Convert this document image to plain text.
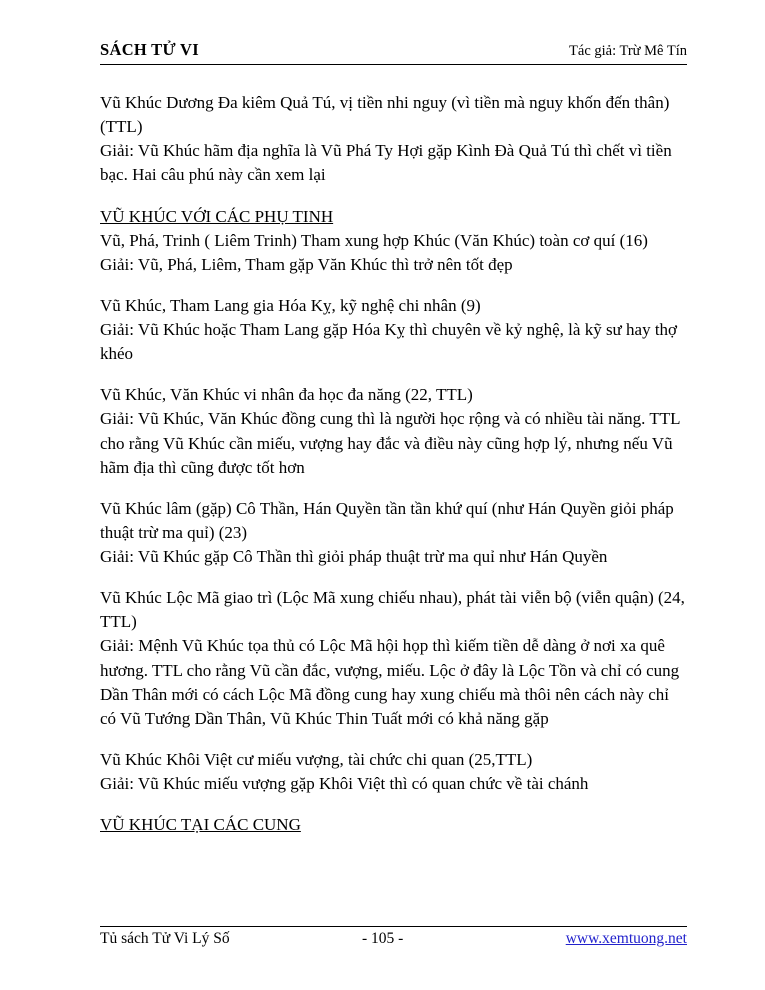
SÁCH TỬ VI	Tác giả: Trừ Mê Tín

Vũ Khúc Dương Đa kiêm Quả Tú, vị tiền nhi nguy (vì tiền mà nguy khốn đến thân) (TTL)

Giải: Vũ Khúc hãm địa nghĩa là Vũ Phá Ty Hợi gặp Kình Đà Quả Tú thì chết vì tiền bạc. Hai câu phú này cần xem lại

VŨ KHÚC VỚI CÁC PHỤ TINH

Vũ, Phá, Trinh ( Liêm Trinh) Tham xung hợp Khúc (Văn Khúc) toàn cơ quí (16)

Giải: Vũ, Phá, Liêm, Tham gặp Văn Khúc thì trở nên tốt đẹp

Vũ Khúc, Tham Lang gia Hóa Kỵ, kỹ nghệ chi nhân (9)

Giải: Vũ Khúc hoặc Tham Lang gặp Hóa Kỵ thì chuyên về kỷ nghệ, là kỹ sư hay thợ khéo

Vũ Khúc, Văn Khúc vi nhân đa học đa năng (22, TTL)

Giải: Vũ Khúc, Văn Khúc đồng cung thì là người học rộng và có nhiều tài năng. TTL cho rằng Vũ Khúc cần miếu, vượng hay đắc và điều này cũng hợp lý, nhưng nếu Vũ hãm địa thì cũng được tốt hơn

Vũ Khúc lâm (gặp) Cô Thần, Hán Quyền tần tần khứ quí (như Hán Quyền giỏi pháp thuật trừ ma quỉ) (23)

Giải: Vũ Khúc gặp Cô Thần thì giỏi pháp thuật trừ ma quỉ như Hán Quyền

Vũ Khúc Lộc Mã giao trì (Lộc Mã xung chiếu nhau), phát tài viễn bộ (viễn quận) (24, TTL)

Giải: Mệnh Vũ Khúc tọa thủ có Lộc Mã hội họp thì kiếm tiền dễ dàng ở nơi xa quê hương. TTL cho rằng Vũ cần đắc, vượng, miếu. Lộc ở đây là Lộc Tồn và chỉ có cung Dần Thân mới có cách Lộc Mã đồng cung hay xung chiếu mà thôi nên cách này chỉ có Vũ Tướng Dần Thân, Vũ Khúc Thin Tuất mới có khả năng gặp

Vũ Khúc Khôi Việt cư miếu vượng, tài chức chi quan (25,TTL)

Giải: Vũ Khúc miếu vượng gặp Khôi Việt thì có quan chức về tài chánh

VŨ KHÚC TẠI CÁC CUNG

Tủ sách Tử Vi Lý Số	- 105 -	www.xemtuong.net
